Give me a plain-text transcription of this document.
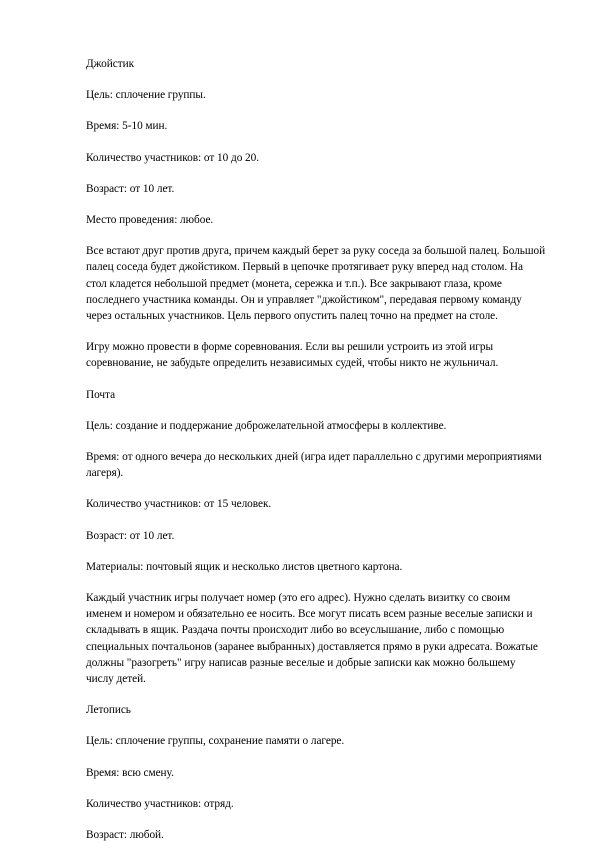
Джойстик

Цель: сплочение группы.

Время: 5-10 мин.

Количество участников: от 10 до 20.

Возраст: от 10 лет.

Место проведения: любое.

Все встают друг против друга, причем каждый берет за руку соседа за большой палец. Большой палец соседа будет джойстиком. Первый в цепочке протягивает руку вперед над столом. На стол кладется небольшой предмет (монета, сережка и т.п.). Все закрывают глаза, кроме последнего участника команды. Он и управляет "джойстиком", передавая первому команду через остальных участников. Цель первого опустить палец точно на предмет на столе.

Игру можно провести в форме соревнования. Если вы решили устроить из этой игры соревнование, не забудьте определить независимых судей, чтобы никто не жульничал.

Почта

Цель: создание и поддержание доброжелательной атмосферы в коллективе.

Время: от одного вечера до нескольких дней (игра идет параллельно с другими мероприятиями лагеря).

Количество участников: от 15 человек.

Возраст: от 10 лет.

Материалы: почтовый ящик и несколько листов цветного картона.

Каждый участник игры получает номер (это его адрес). Нужно сделать визитку со своим именем и номером и обязательно ее носить. Все могут писать всем разные веселые записки и складывать в ящик. Раздача почты происходит либо во всеуслышание, либо с помощью специальных почтальонов (заранее выбранных) доставляется прямо в руки адресата. Вожатые должны "разогреть" игру написав разные веселые и добрые записки как можно большему числу детей.

Летопись

Цель: сплочение группы, сохранение памяти о лагере.

Время: всю смену.

Количество участников: отряд.

Возраст: любой.
